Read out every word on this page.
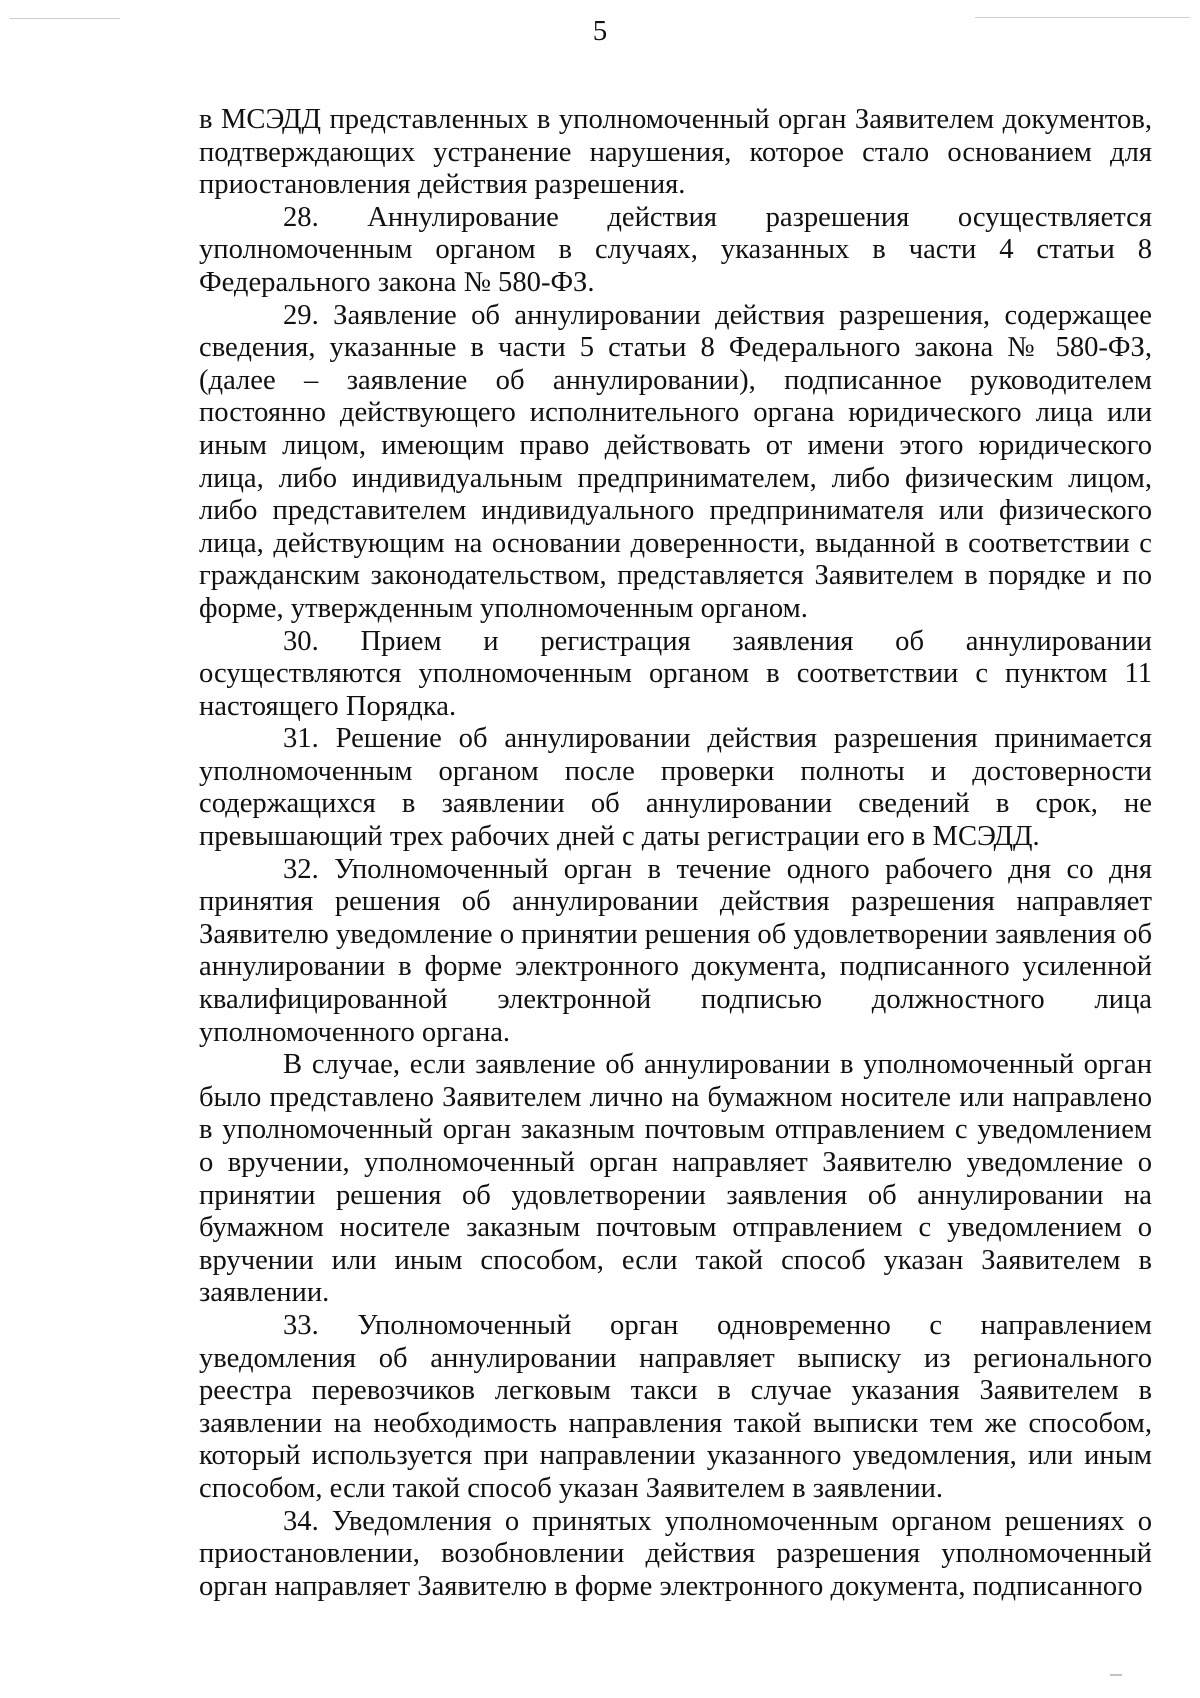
5

в МСЭДД представленных в уполномоченный орган Заявителем документов, подтверждающих устранение нарушения, которое стало основанием для приостановления действия разрешения.

28. Аннулирование действия разрешения осуществляется уполномоченным органом в случаях, указанных в части 4 статьи 8 Федерального закона № 580-ФЗ.

29. Заявление об аннулировании действия разрешения, содержащее сведения, указанные в части 5 статьи 8 Федерального закона № 580-ФЗ, (далее – заявление об аннулировании), подписанное руководителем постоянно действующего исполнительного органа юридического лица или иным лицом, имеющим право действовать от имени этого юридического лица, либо индивидуальным предпринимателем, либо физическим лицом, либо представителем индивидуального предпринимателя или физического лица, действующим на основании доверенности, выданной в соответствии с гражданским законодательством, представляется Заявителем в порядке и по форме, утвержденным уполномоченным органом.

30. Прием и регистрация заявления об аннулировании осуществляются уполномоченным органом в соответствии с пунктом 11 настоящего Порядка.

31. Решение об аннулировании действия разрешения принимается уполномоченным органом после проверки полноты и достоверности содержащихся в заявлении об аннулировании сведений в срок, не превышающий трех рабочих дней с даты регистрации его в МСЭДД.

32. Уполномоченный орган в течение одного рабочего дня со дня принятия решения об аннулировании действия разрешения направляет Заявителю уведомление о принятии решения об удовлетворении заявления об аннулировании в форме электронного документа, подписанного усиленной квалифицированной электронной подписью должностного лица уполномоченного органа.

В случае, если заявление об аннулировании в уполномоченный орган было представлено Заявителем лично на бумажном носителе или направлено в уполномоченный орган заказным почтовым отправлением с уведомлением о вручении, уполномоченный орган направляет Заявителю уведомление о принятии решения об удовлетворении заявления об аннулировании на бумажном носителе заказным почтовым отправлением с уведомлением о вручении или иным способом, если такой способ указан Заявителем в заявлении.

33. Уполномоченный орган одновременно с направлением уведомления об аннулировании направляет выписку из регионального реестра перевозчиков легковым такси в случае указания Заявителем в заявлении на необходимость направления такой выписки тем же способом, который используется при направлении указанного уведомления, или иным способом, если такой способ указан Заявителем в заявлении.

34. Уведомления о принятых уполномоченным органом решениях о приостановлении, возобновлении действия разрешения уполномоченный орган направляет Заявителю в форме электронного документа, подписанного
